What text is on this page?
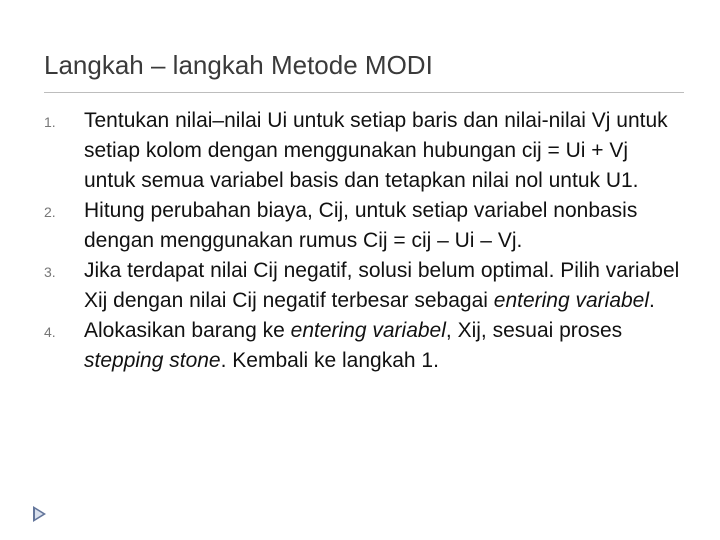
Langkah – langkah Metode MODI
1.	Tentukan nilai–nilai Ui untuk setiap baris dan nilai-nilai Vj untuk setiap kolom dengan menggunakan hubungan cij = Ui + Vj untuk semua variabel basis dan tetapkan nilai nol untuk U1.
2.	Hitung perubahan biaya, Cij, untuk setiap variabel nonbasis dengan menggunakan rumus Cij = cij – Ui – Vj.
3.	Jika terdapat nilai Cij negatif, solusi belum optimal. Pilih variabel Xij dengan nilai Cij negatif terbesar sebagai entering variabel.
4.	Alokasikan barang ke entering variabel, Xij, sesuai proses stepping stone. Kembali ke langkah 1.
